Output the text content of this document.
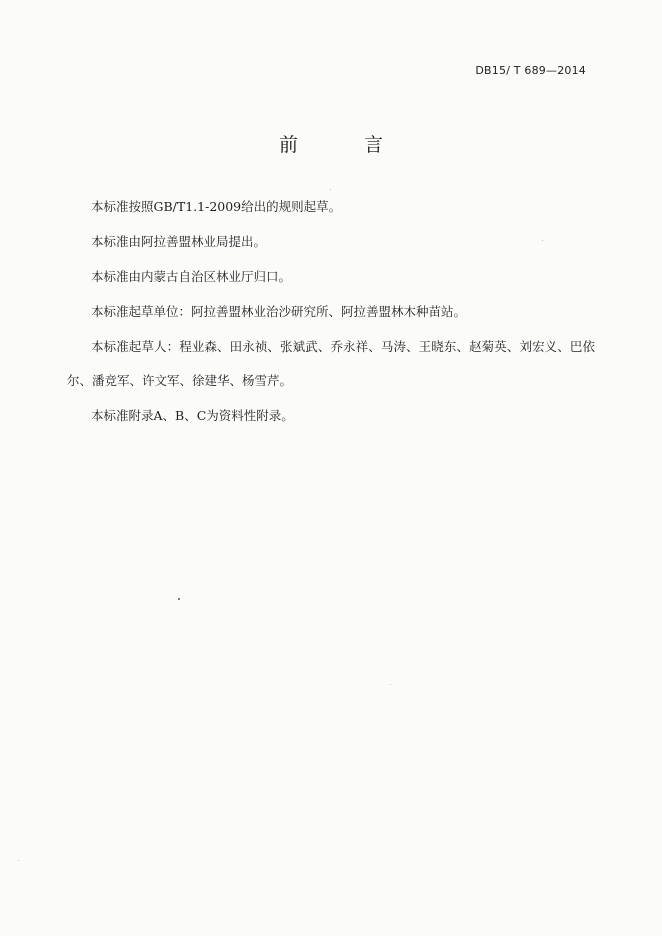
DB15/ T 689—2014
前 言

本标准按照GB/T1.1-2009给出的规则起草。

本标准由阿拉善盟林业局提出。

本标准由内蒙古自治区林业厅归口。

本标准起草单位：阿拉善盟林业治沙研究所、阿拉善盟林木种苗站。

本标准起草人：程业森、田永祯、张斌武、乔永祥、马涛、王晓东、赵菊英、刘宏义、巴依尔、潘竞军、许文军、徐建华、杨雪芹。

本标准附录A、B、C为资料性附录。
